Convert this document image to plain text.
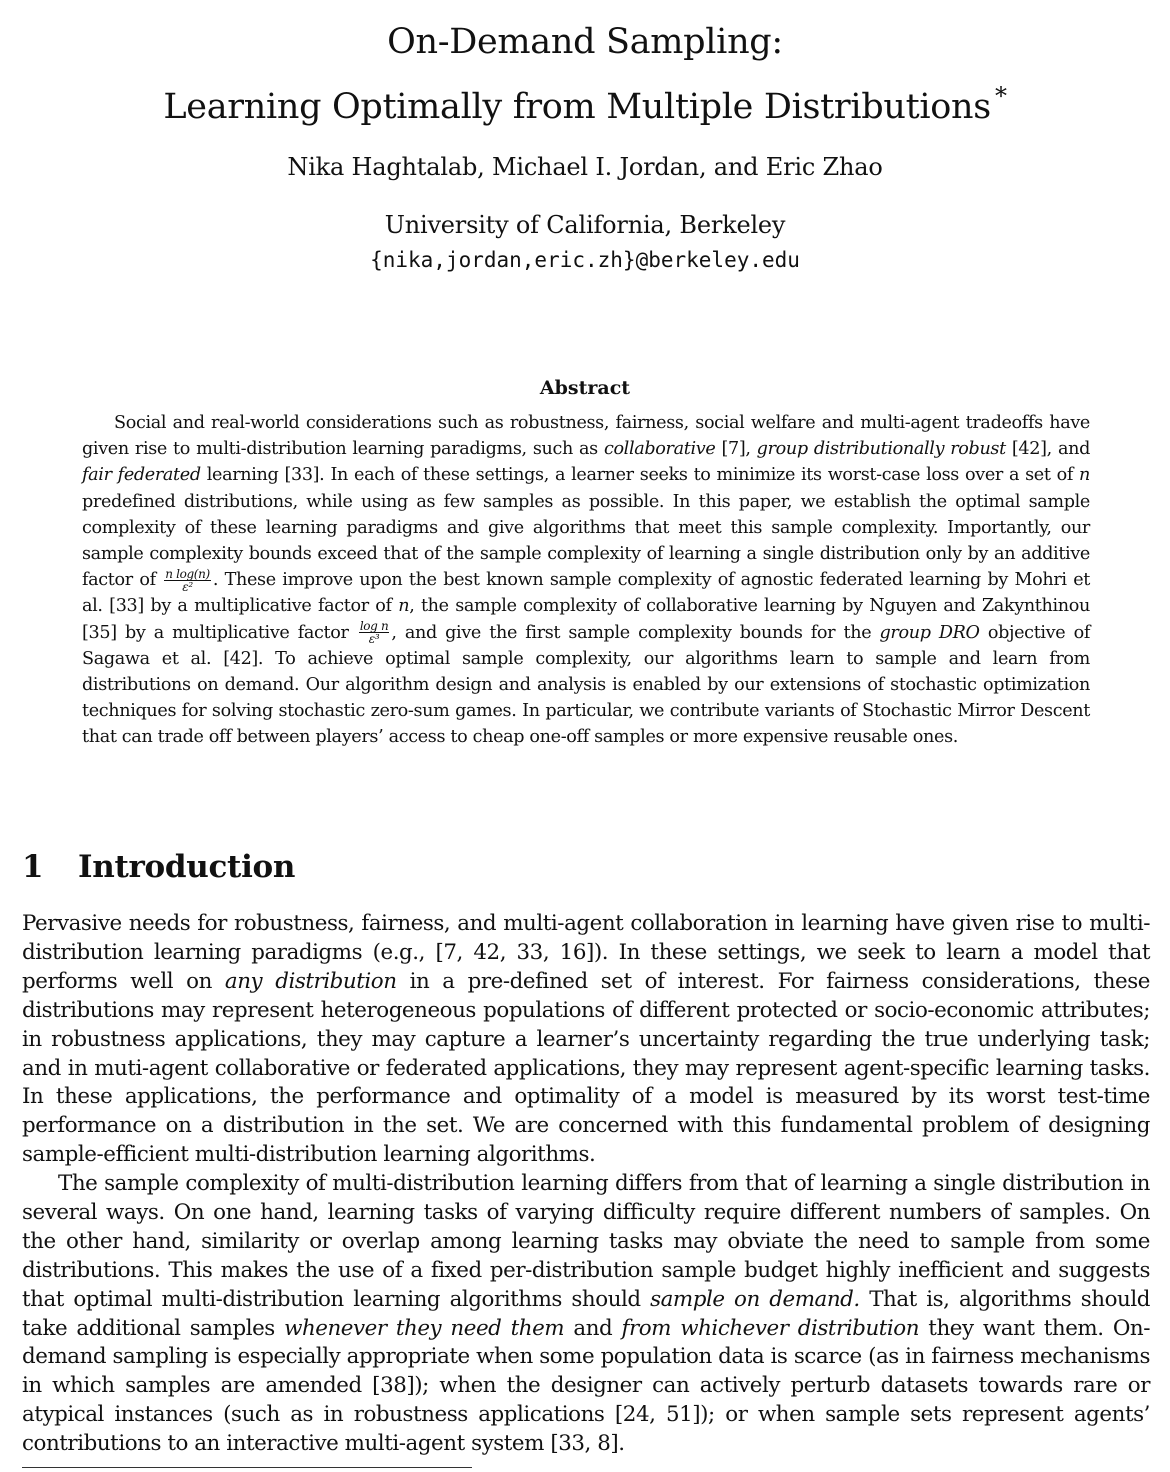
On-Demand Sampling:
Learning Optimally from Multiple Distributions *
Nika Haghtalab, Michael I. Jordan, and Eric Zhao
University of California, Berkeley
{nika,jordan,eric.zh}@berkeley.edu
Abstract
Social and real-world considerations such as robustness, fairness, social welfare and multi-agent tradeoffs have given rise to multi-distribution learning paradigms, such as collaborative [7], group distributionally robust [42], and fair federated learning [33]. In each of these settings, a learner seeks to minimize its worst-case loss over a set of n predefined distributions, while using as few samples as possible. In this paper, we establish the optimal sample complexity of these learning paradigms and give algorithms that meet this sample complexity. Importantly, our sample complexity bounds exceed that of the sample complexity of learning a single distribution only by an additive factor of $\frac{\text{n log(n)}}{\text{ε²}}$ . These improve upon the best known sample complexity of agnostic federated learning by Mohri et al. [33] by a multiplicative factor of n, the sample complexity of collaborative learning by Nguyen and Zakynthinou [35] by a multiplicative factor $\frac{\text{log n}}{\text{ε³}}$ , and give the first sample complexity bounds for the group DRO objective of Sagawa et al. [42]. To achieve optimal sample complexity, our algorithms learn to sample and learn from distributions on demand. Our algorithm design and analysis is enabled by our extensions of stochastic optimization techniques for solving stochastic zero-sum games. In particular, we contribute variants of Stochastic Mirror Descent that can trade off between players’ access to cheap one-off samples or more expensive reusable ones.
1 Introduction
Pervasive needs for robustness, fairness, and multi-agent collaboration in learning have given rise to multi-distribution learning paradigms (e.g., [7, 42, 33, 16]). In these settings, we seek to learn a model that performs well on any distribution in a pre-defined set of interest. For fairness considerations, these distributions may represent heterogeneous populations of different protected or socio-economic attributes; in robustness applications, they may capture a learner’s uncertainty regarding the true underlying task; and in muti-agent collaborative or federated applications, they may represent agent-specific learning tasks. In these applications, the performance and optimality of a model is measured by its worst test-time performance on a distribution in the set. We are concerned with this fundamental problem of designing sample-efficient multi-distribution learning algorithms.
The sample complexity of multi-distribution learning differs from that of learning a single distribution in several ways. On one hand, learning tasks of varying difficulty require different numbers of samples. On the other hand, similarity or overlap among learning tasks may obviate the need to sample from some distributions. This makes the use of a fixed per-distribution sample budget highly inefficient and suggests that optimal multi-distribution learning algorithms should sample on demand. That is, algorithms should take additional samples whenever they need them and from whichever distribution they want them. On-demand sampling is especially appropriate when some population data is scarce (as in fairness mechanisms in which samples are amended [38]); when the designer can actively perturb datasets towards rare or atypical instances (such as in robustness applications [24, 51]); or when sample sets represent agents’ contributions to an interactive multi-agent system [33, 8].
